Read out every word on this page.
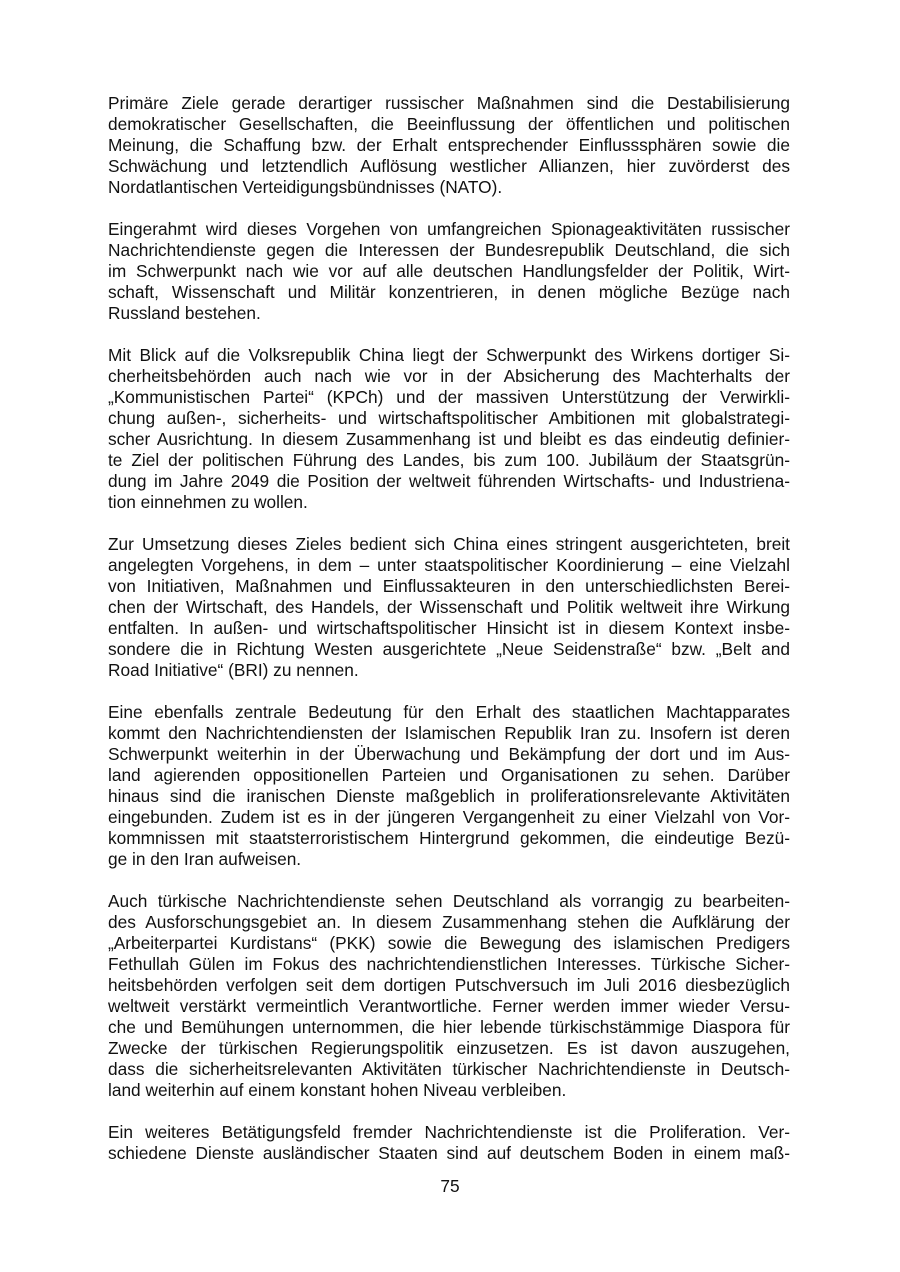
Primäre Ziele gerade derartiger russischer Maßnahmen sind die Destabilisierung
demokratischer Gesellschaften, die Beeinflussung der öffentlichen und politischen
Meinung, die Schaffung bzw. der Erhalt entsprechender Einflusssphären sowie die
Schwächung und letztendlich Auflösung westlicher Allianzen, hier zuvörderst des
Nordatlantischen Verteidigungsbündnisses (NATO).
Eingerahmt wird dieses Vorgehen von umfangreichen Spionageaktivitäten russischer
Nachrichtendienste gegen die Interessen der Bundesrepublik Deutschland, die sich
im Schwerpunkt nach wie vor auf alle deutschen Handlungsfelder der Politik, Wirt-
schaft, Wissenschaft und Militär konzentrieren, in denen mögliche Bezüge nach
Russland bestehen.
Mit Blick auf die Volksrepublik China liegt der Schwerpunkt des Wirkens dortiger Si-
cherheitsbehörden auch nach wie vor in der Absicherung des Machterhalts der
„Kommunistischen Partei“ (KPCh) und der massiven Unterstützung der Verwirkli-
chung außen-, sicherheits- und wirtschaftspolitischer Ambitionen mit globalstrategi-
scher Ausrichtung. In diesem Zusammenhang ist und bleibt es das eindeutig definier-
te Ziel der politischen Führung des Landes, bis zum 100. Jubiläum der Staatsgrün-
dung im Jahre 2049 die Position der weltweit führenden Wirtschafts- und Industriena-
tion einnehmen zu wollen.
Zur Umsetzung dieses Zieles bedient sich China eines stringent ausgerichteten, breit
angelegten Vorgehens, in dem – unter staatspolitischer Koordinierung – eine Vielzahl
von Initiativen, Maßnahmen und Einflussakteuren in den unterschiedlichsten Berei-
chen der Wirtschaft, des Handels, der Wissenschaft und Politik weltweit ihre Wirkung
entfalten. In außen- und wirtschaftspolitischer Hinsicht ist in diesem Kontext insbe-
sondere die in Richtung Westen ausgerichtete „Neue Seidenstraße“ bzw. „Belt and
Road Initiative“ (BRI) zu nennen.
Eine ebenfalls zentrale Bedeutung für den Erhalt des staatlichen Machtapparates
kommt den Nachrichtendiensten der Islamischen Republik Iran zu. Insofern ist deren
Schwerpunkt weiterhin in der Überwachung und Bekämpfung der dort und im Aus-
land agierenden oppositionellen Parteien und Organisationen zu sehen. Darüber
hinaus sind die iranischen Dienste maßgeblich in proliferationsrelevante Aktivitäten
eingebunden. Zudem ist es in der jüngeren Vergangenheit zu einer Vielzahl von Vor-
kommnissen mit staatsterroristischem Hintergrund gekommen, die eindeutige Bezü-
ge in den Iran aufweisen.
Auch türkische Nachrichtendienste sehen Deutschland als vorrangig zu bearbeiten-
des Ausforschungsgebiet an. In diesem Zusammenhang stehen die Aufklärung der
„Arbeiterpartei Kurdistans“ (PKK) sowie die Bewegung des islamischen Predigers
Fethullah Gülen im Fokus des nachrichtendienstlichen Interesses. Türkische Sicher-
heitsbehörden verfolgen seit dem dortigen Putschversuch im Juli 2016 diesbezüglich
weltweit verstärkt vermeintlich Verantwortliche. Ferner werden immer wieder Versu-
che und Bemühungen unternommen, die hier lebende türkischstämmige Diaspora für
Zwecke der türkischen Regierungspolitik einzusetzen. Es ist davon auszugehen,
dass die sicherheitsrelevanten Aktivitäten türkischer Nachrichtendienste in Deutsch-
land weiterhin auf einem konstant hohen Niveau verbleiben.
Ein weiteres Betätigungsfeld fremder Nachrichtendienste ist die Proliferation. Ver-
schiedene Dienste ausländischer Staaten sind auf deutschem Boden in einem maß-
75
